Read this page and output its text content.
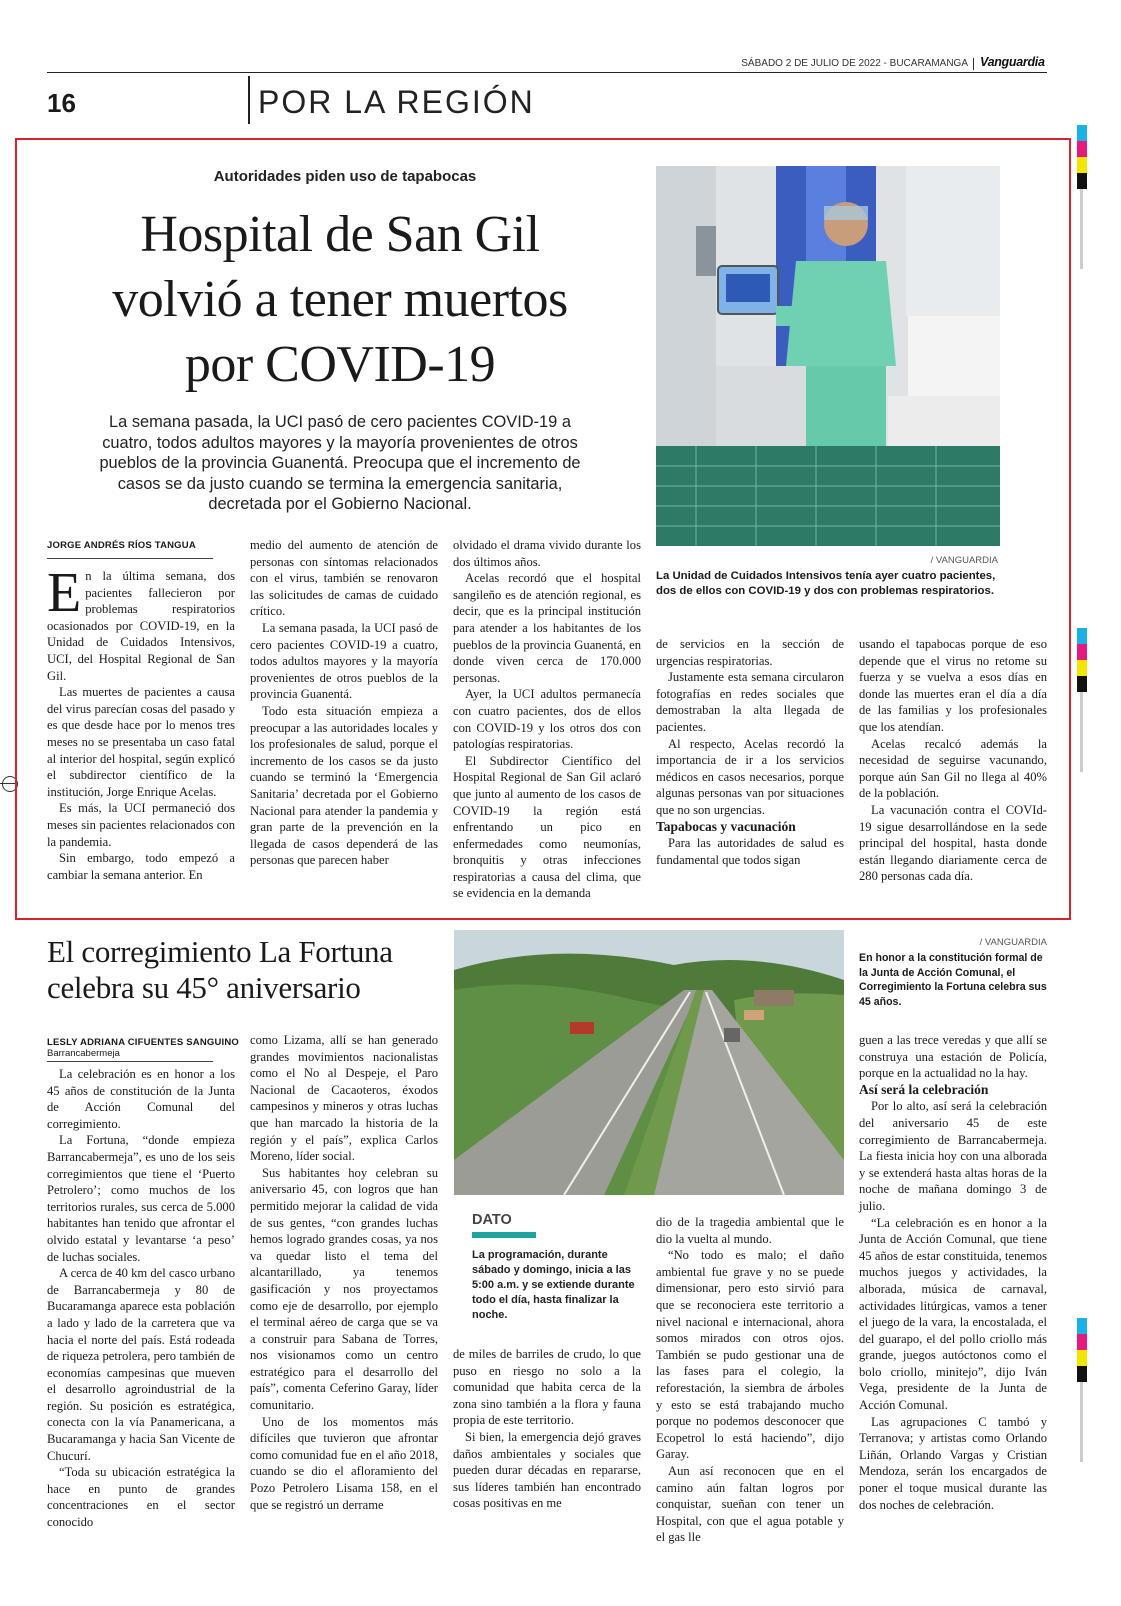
SÁBADO 2 DE JULIO DE 2022 - BUCARAMANGA Vanguardia
16	POR LA REGIÓN
Autoridades piden uso de tapabocas
Hospital de San Gil
volvió a tener muertos
por COVID-19
La semana pasada, la UCI pasó de cero pacientes COVID-19 a cuatro, todos adultos mayores y la mayoría provenientes de otros pueblos de la provincia Guanentá. Preocupa que el incremento de casos se da justo cuando se termina la emergencia sanitaria, decretada por el Gobierno Nacional.
/ VANGUARDIA
La Unidad de Cuidados Intensivos tenía ayer cuatro pacientes, dos de ellos con COVID-19 y dos con problemas respiratorios.
JORGE ANDRÉS RÍOS TANGUA

En la última semana, dos pacientes fallecieron por problemas respiratorios ocasionados por COVID-19, en la Unidad de Cuidados Intensivos, UCI, del Hospital Regional de San Gil.

Las muertes de pacientes a causa del virus parecían cosas del pasado y es que desde hace por lo menos tres meses no se presentaba un caso fatal al interior del hospital, según explicó el subdirector científico de la institución, Jorge Enrique Acelas.

Es más, la UCI permaneció dos meses sin pacientes relacionados con la pandemia.

Sin embargo, todo empezó a cambiar la semana anterior. En

medio del aumento de atención de personas con síntomas relacionados con el virus, también se renovaron las solicitudes de camas de cuidado crítico.

La semana pasada, la UCI pasó de cero pacientes COVID-19 a cuatro, todos adultos mayores y la mayoría provenientes de otros pueblos de la provincia Guanentá.

Todo esta situación empieza a preocupar a las autoridades locales y los profesionales de salud, porque el incremento de los casos se da justo cuando se terminó la ‘Emergencia Sanitaria’ decretada por el Gobierno Nacional para atender la pandemia y gran parte de la prevención en la llegada de casos dependerá de las personas que parecen haber

olvidado el drama vivido durante los dos últimos años.

Acelas recordó que el hospital sangileño es de atención regional, es decir, que es la principal institución para atender a los habitantes de los pueblos de la provincia Guanentá, en donde viven cerca de 170.000 personas.

Ayer, la UCI adultos permanecía con cuatro pacientes, dos de ellos con COVID-19 y los otros dos con patologías respiratorias.

El Subdirector Científico del Hospital Regional de San Gil aclaró que junto al aumento de los casos de COVID-19 la región está enfrentando un pico en enfermedades como neumonías, bronquitis y otras infecciones respiratorias a causa del clima, que se evidencia en la demanda

de servicios en la sección de urgencias respiratorias.

Justamente esta semana circularon fotografías en redes sociales que demostraban la alta llegada de pacientes.

Al respecto, Acelas recordó la importancia de ir a los servicios médicos en casos necesarios, porque algunas personas van por situaciones que no son urgencias.

Tapabocas y vacunación

Para las autoridades de salud es fundamental que todos sigan

usando el tapabocas porque de eso depende que el virus no retome su fuerza y se vuelva a esos días en donde las muertes eran el día a día de las familias y los profesionales que los atendían.

Acelas recalcó además la necesidad de seguirse vacunando, porque aún San Gil no llega al 40% de la población.

La vacunación contra el COVId-19 sigue desarrollándose en la sede principal del hospital, hasta donde están llegando diariamente cerca de 280 personas cada día.

El corregimiento La Fortuna
celebra su 45° aniversario
/ VANGUARDIA
En honor a la constitución formal de la Junta de Acción Comunal, el Corregimiento la Fortuna celebra sus 45 años.
LESLY ADRIANA CIFUENTES SANGUINO
Barrancabermeja

La celebración es en honor a los 45 años de constitución de la Junta de Acción Comunal del corregimiento.

La Fortuna, “donde empieza Barrancabermeja”, es uno de los seis corregimientos que tiene el ‘Puerto Petrolero’; como muchos de los territorios rurales, sus cerca de 5.000 habitantes han tenido que afrontar el olvido estatal y levantarse ‘a peso’ de luchas sociales.

A cerca de 40 km del casco urbano de Barrancabermeja y 80 de Bucaramanga aparece esta población a lado y lado de la carretera que va hacia el norte del país. Está rodeada de riqueza petrolera, pero también de economías campesinas que mueven el desarrollo agroindustrial de la región. Su posición es estratégica, conecta con la vía Panamericana, a Bucaramanga y hacia San Vicente de Chucurí.

“Toda su ubicación estratégica la hace en punto de grandes concentraciones en el sector conocido

como Lizama, allí se han generado grandes movimientos nacionalistas como el No al Despeje, el Paro Nacional de Cacaoteros, éxodos campesinos y mineros y otras luchas que han marcado la historia de la región y el país”, explica Carlos Moreno, líder social.

Sus habitantes hoy celebran su aniversario 45, con logros que han permitido mejorar la calidad de vida de sus gentes, “con grandes luchas hemos logrado grandes cosas, ya nos va quedar listo el tema del alcantarillado, ya tenemos gasificación y nos proyectamos como eje de desarrollo, por ejemplo el terminal aéreo de carga que se va a construir para Sabana de Torres, nos visionamos como un centro estratégico para el desarrollo del país”, comenta Ceferino Garay, líder comunitario.

Uno de los momentos más difíciles que tuvieron que afrontar como comunidad fue en el año 2018, cuando se dio el afloramiento del Pozo Petrolero Lisama 158, en el que se registró un derrame

DATO
La programación, durante sábado y domingo, inicia a las 5:00 a.m. y se extiende durante todo el día, hasta finalizar la noche.

de miles de barriles de crudo, lo que puso en riesgo no solo a la comunidad que habita cerca de la zona sino también a la flora y fauna propia de este territorio.

Si bien, la emergencia dejó graves daños ambientales y sociales que pueden durar décadas en repararse, sus líderes también han encontrado cosas positivas en me

dio de la tragedia ambiental que le dio la vuelta al mundo.

“No todo es malo; el daño ambiental fue grave y no se puede dimensionar, pero esto sirvió para que se reconociera este territorio a nivel nacional e internacional, ahora somos mirados con otros ojos. También se pudo gestionar una de las fases para el colegio, la reforestación, la siembra de árboles y esto se está trabajando mucho porque no podemos desconocer que Ecopetrol lo está haciendo”, dijo Garay.

Aun así reconocen que en el camino aún faltan logros por conquistar, sueñan con tener un Hospital, con que el agua potable y el gas lle

guen a las trece veredas y que allí se construya una estación de Policía, porque en la actualidad no la hay.

Así será la celebración

Por lo alto, así será la celebración del aniversario 45 de este corregimiento de Barrancabermeja. La fiesta inicia hoy con una alborada y se extenderá hasta altas horas de la noche de mañana domingo 3 de julio.

“La celebración es en honor a la Junta de Acción Comunal, que tiene 45 años de estar constituida, tenemos muchos juegos y actividades, la alborada, música de carnaval, actividades litúrgicas, vamos a tener el juego de la vara, la encostalada, el del guarapo, el del pollo criollo más grande, juegos autóctonos como el bolo criollo, minitejo”, dijo Iván Vega, presidente de la Junta de Acción Comunal.

Las agrupaciones C tambó y Terranova; y artistas como Orlando Liñán, Orlando Vargas y Cristian Mendoza, serán los encargados de poner el toque musical durante las dos noches de celebración.
